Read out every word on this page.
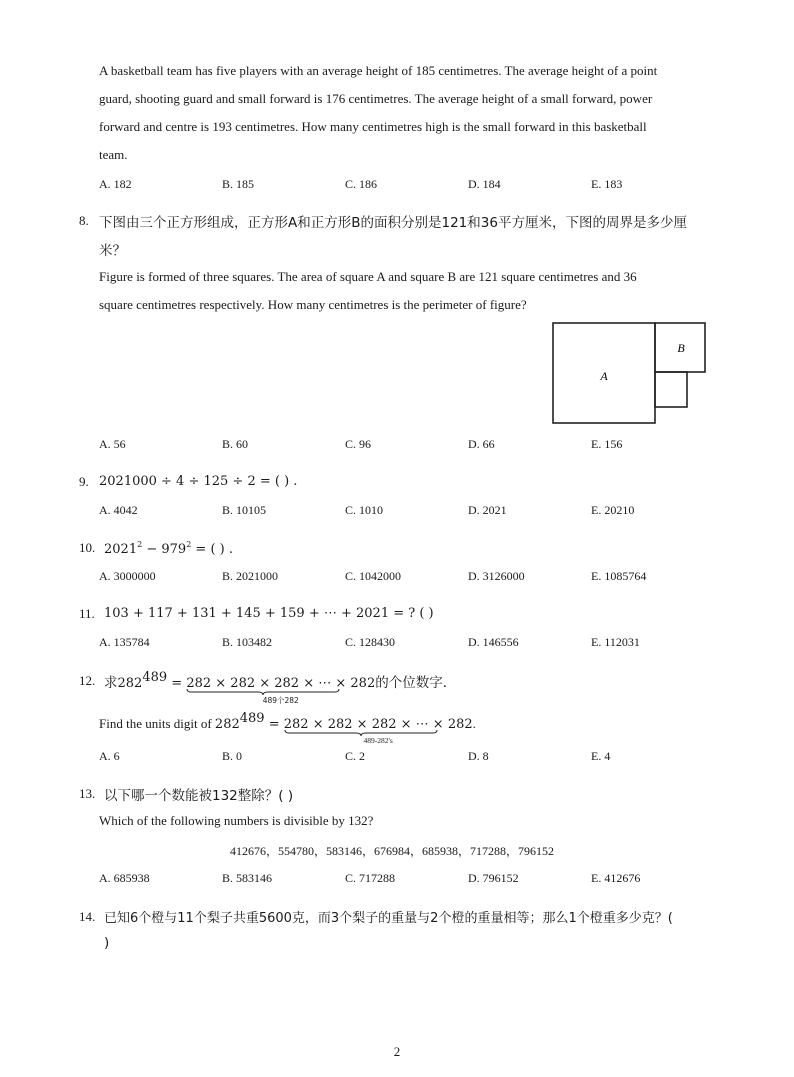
A basketball team has five players with an average height of 185 centimetres. The average height of a point
guard, shooting guard and small forward is 176 centimetres. The average height of a small forward, power
forward and centre is 193 centimetres. How many centimetres high is the small forward in this basketball
team.
A. 182	B. 185	C. 186	D. 184	E. 183
8. 下图由三个正方形组成，正方形A和正方形B的面积分别是121和36平方厘米，下图的周界是多少厘
米？
Figure is formed of three squares. The area of square A and square B are 121 square centimetres and 36
square centimetres respectively. How many centimetres is the perimeter of figure?
A
B
A. 56	B. 60	C. 96	D. 66	E. 156
9. 2021000 ÷ 4 ÷ 125 ÷ 2 = ( ) .
A. 4042	B. 10105	C. 1010	D. 2021	E. 20210
10. $2021^2 - 979^2$ = ( ) .
A. 3000000	B. 2021000	C. 1042000	D. 3126000	E. 1085764
11. 103 + 117 + 131 + 145 + 159 + ⋯ + 2021 = ? ( )
A. 135784	B. 103482	C. 128430	D. 146556	E. 112031
12. 求$282^{489} = 282 \times 282 \times 282$ × ⋯ × 282
489个282
的个位数字．
Find the units digit of $282^{489} = 282 \times 282 \times 282$ × ⋯ × 282
489-282's
.
A. 6	B. 0	C. 2	D. 8	E. 4
13. 以下哪一个数能被132整除？( )
Which of the following numbers is divisible by 132?
412676，554780，583146，676984，685938，717288，796152
A. 685938	B. 583146	C. 717288	D. 796152	E. 412676
14. 已知6个橙与11个梨子共重5600克，而3个梨子的重量与2个橙的重量相等；那么1个橙重多少克？(
)
2
